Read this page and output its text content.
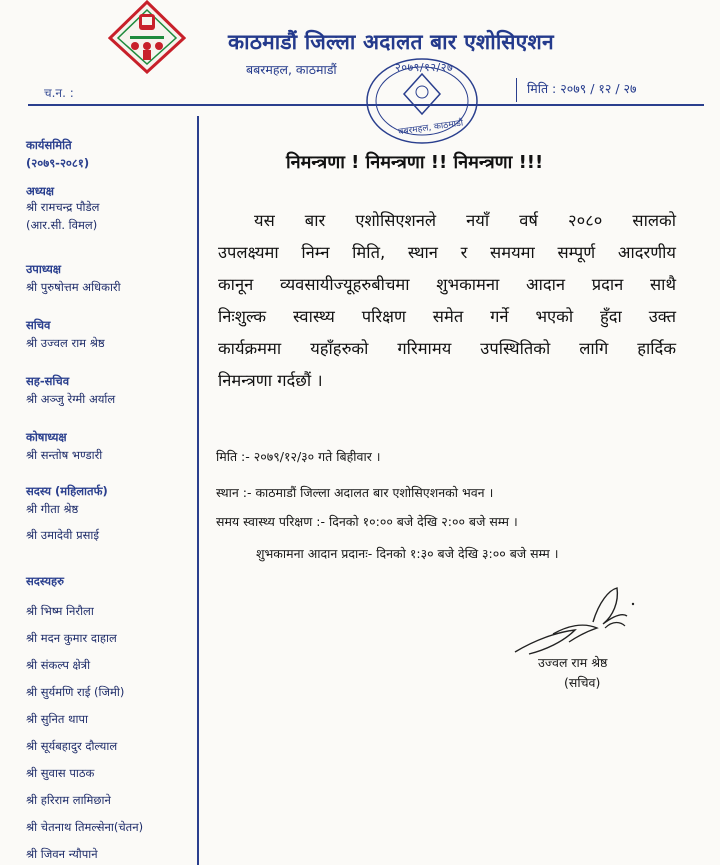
काठमाडौं जिल्ला अदालत बार एशोसिएशन
बबरमहल, काठमाडौं
च.न. :	मिति : २०७९ / १२ / २७
२०७९/१२/२७
बबरमहल, काठमाडौं
कार्यसमिति
(२०७९-२०८१)
अध्यक्ष
श्री रामचन्द्र पौडेल
(आर.सी. विमल)
उपाध्यक्ष
श्री पुरुषोत्तम अधिकारी
सचिव
श्री उज्वल राम श्रेष्ठ
सह-सचिव
श्री अञ्जु रेग्मी अर्याल
कोषाध्यक्ष
श्री सन्तोष भण्डारी
सदस्य (महिलातर्फ)
श्री गीता श्रेष्ठ
श्री उमादेवी प्रसाई
सदस्यहरु
श्री भिष्म निरौला
श्री मदन कुमार दाहाल
श्री संकल्प क्षेत्री
श्री सुर्यमणि राई (जिमी)
श्री सुनित थापा
श्री सूर्यबहादुर दौल्याल
श्री सुवास पाठक
श्री हरिराम लामिछाने
श्री चेतनाथ तिमल्सेना(चेतन)
श्री जिवन न्यौपाने
निमन्त्रणा ! निमन्त्रणा !! निमन्त्रणा !!!
यस बार एशोसिएशनले नयाँ वर्ष २०८० सालको
उपलक्ष्यमा निम्न मिति, स्थान र समयमा सम्पूर्ण आदरणीय
कानून व्यवसायीज्यूहरुबीचमा शुभकामना आदान प्रदान साथै
निःशुल्क स्वास्थ्य परिक्षण समेत गर्ने भएको हुँदा उक्त
कार्यक्रममा यहाँहरुको गरिमामय उपस्थितिको लागि हार्दिक
निमन्त्रणा गर्दछौं ।
मिति :- २०७९/१२/३० गते बिहीवार ।
स्थान :- काठमाडौं जिल्ला अदालत बार एशोसिएशनको भवन ।
समय स्वास्थ्य परिक्षण :- दिनको १०:०० बजे देखि २:०० बजे सम्म ।
शुभकामना आदान प्रदानः- दिनको १:३० बजे देखि ३:०० बजे सम्म ।
उज्वल राम श्रेष्ठ
(सचिव)
